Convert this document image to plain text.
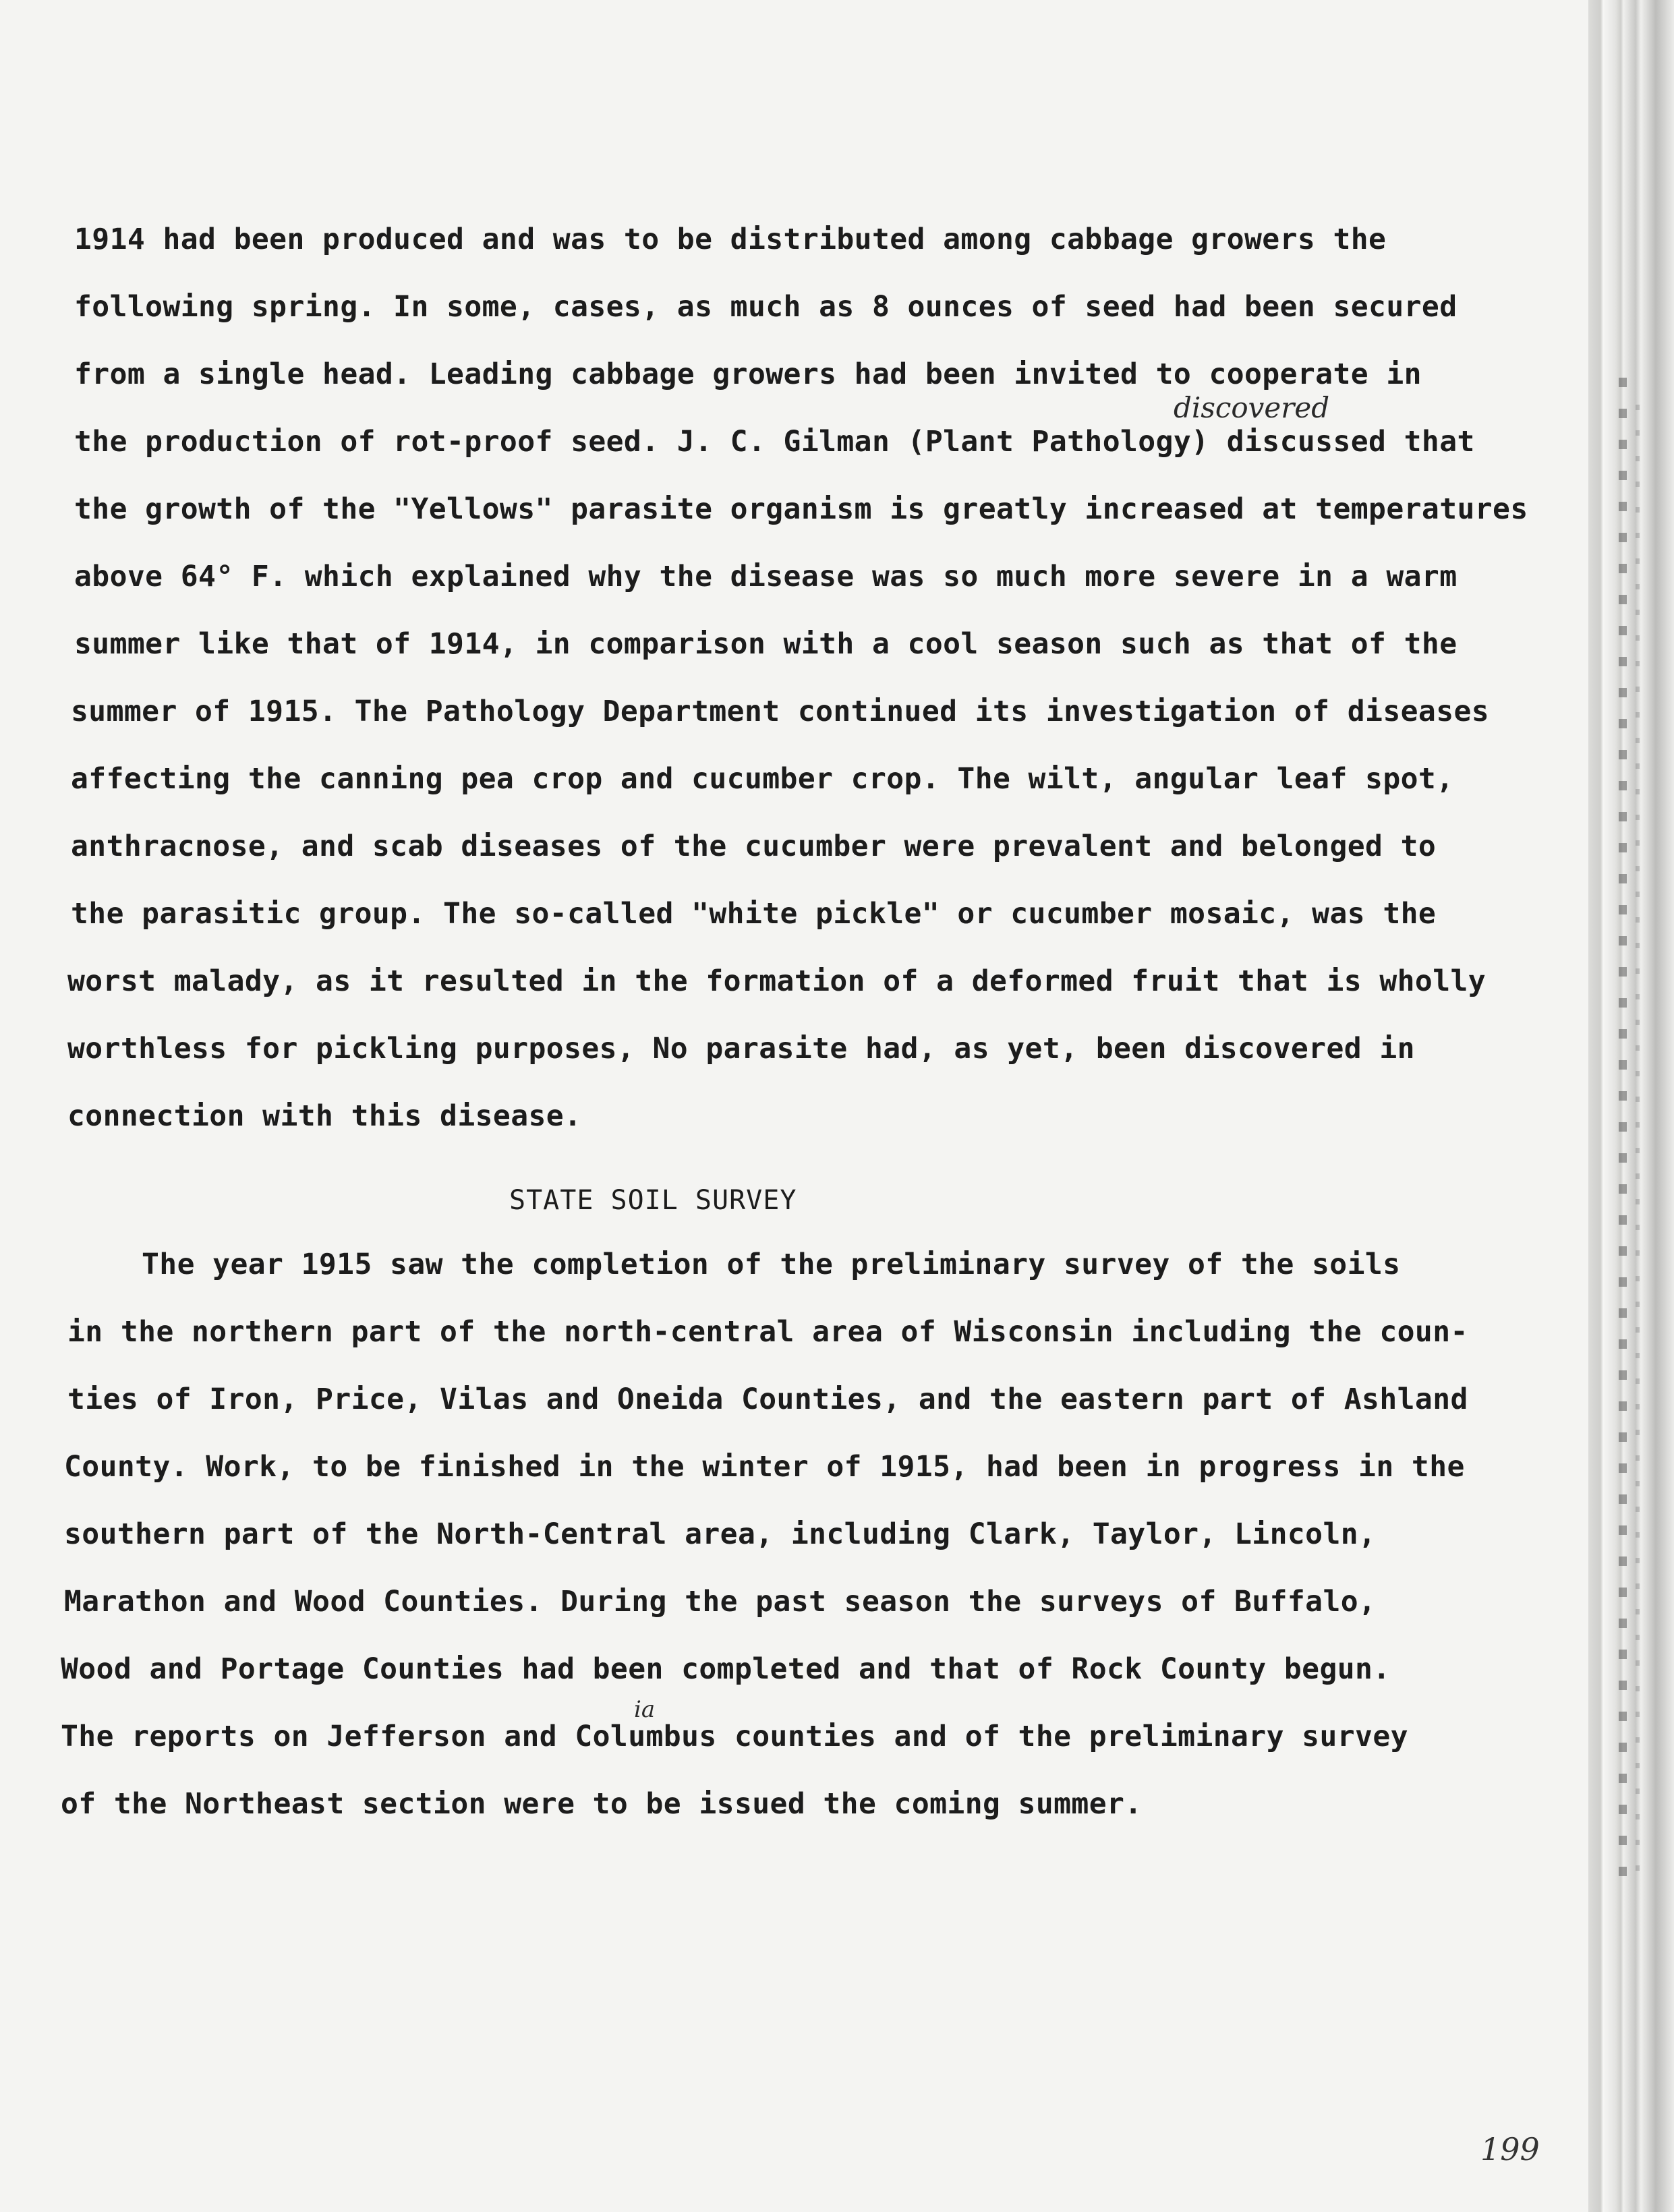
1914 had been produced and was to be distributed among cabbage growers the
following spring. In some, cases, as much as 8 ounces of seed had been secured
from a single head. Leading cabbage growers had been invited to cooperate in
discovered
the production of rot-proof seed. J. C. Gilman (Plant Pathology) discussed that
the growth of the "Yellows" parasite organism is greatly increased at temperatures
above 64° F. which explained why the disease was so much more severe in a warm
summer like that of 1914, in comparison with a cool season such as that of the
summer of 1915. The Pathology Department continued its investigation of diseases
affecting the canning pea crop and cucumber crop. The wilt, angular leaf spot,
anthracnose, and scab diseases of the cucumber were prevalent and belonged to
the parasitic group. The so-called "white pickle" or cucumber mosaic, was the
worst malady, as it resulted in the formation of a deformed fruit that is wholly
worthless for pickling purposes, No parasite had, as yet, been discovered in
connection with this disease.
STATE SOIL SURVEY
The year 1915 saw the completion of the preliminary survey of the soils
in the northern part of the north-central area of Wisconsin including the coun-
ties of Iron, Price, Vilas and Oneida Counties, and the eastern part of Ashland
County. Work, to be finished in the winter of 1915, had been in progress in the
southern part of the North-Central area, including Clark, Taylor, Lincoln,
Marathon and Wood Counties. During the past season the surveys of Buffalo,
Wood and Portage Counties had been completed and that of Rock County begun.
ia
The reports on Jefferson and Columbus counties and of the preliminary survey
of the Northeast section were to be issued the coming summer.
199
